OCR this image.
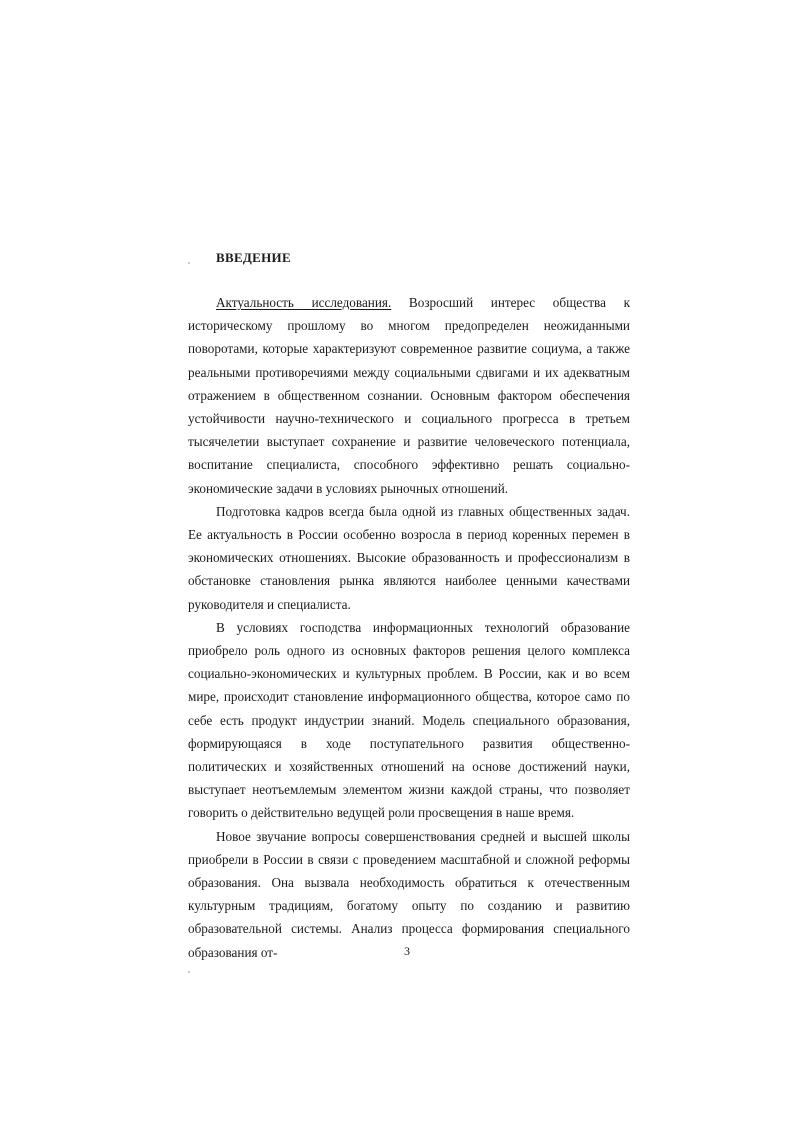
ВВЕДЕНИЕ

Актуальность исследования. Возросший интерес общества к историческому прошлому во многом предопределен неожиданными поворотами, которые характеризуют современное развитие социума, а также реальными противоречиями между социальными сдвигами и их адекватным отражением в общественном сознании. Основным фактором обеспечения устойчивости научно-технического и социального прогресса в третьем тысячелетии выступает сохранение и развитие человеческого потенциала, воспитание специалиста, способного эффективно решать социально-экономические задачи в условиях рыночных отношений.

Подготовка кадров всегда была одной из главных общественных задач. Ее актуальность в России особенно возросла в период коренных перемен в экономических отношениях. Высокие образованность и профессионализм в обстановке становления рынка являются наиболее ценными качествами руководителя и специалиста.

В условиях господства информационных технологий образование приобрело роль одного из основных факторов решения целого комплекса социально-экономических и культурных проблем. В России, как и во всем мире, происходит становление информационного общества, которое само по себе есть продукт индустрии знаний. Модель специального образования, формирующаяся в ходе поступательного развития общественно-политических и хозяйственных отношений на основе достижений науки, выступает неотъемлемым элементом жизни каждой страны, что позволяет говорить о действительно ведущей роли просвещения в наше время.

Новое звучание вопросы совершенствования средней и высшей школы приобрели в России в связи с проведением масштабной и сложной реформы образования. Она вызвала необходимость обратиться к отечественным культурным традициям, богатому опыту по созданию и развитию образовательной системы. Анализ процесса формирования специального образования от-	3
